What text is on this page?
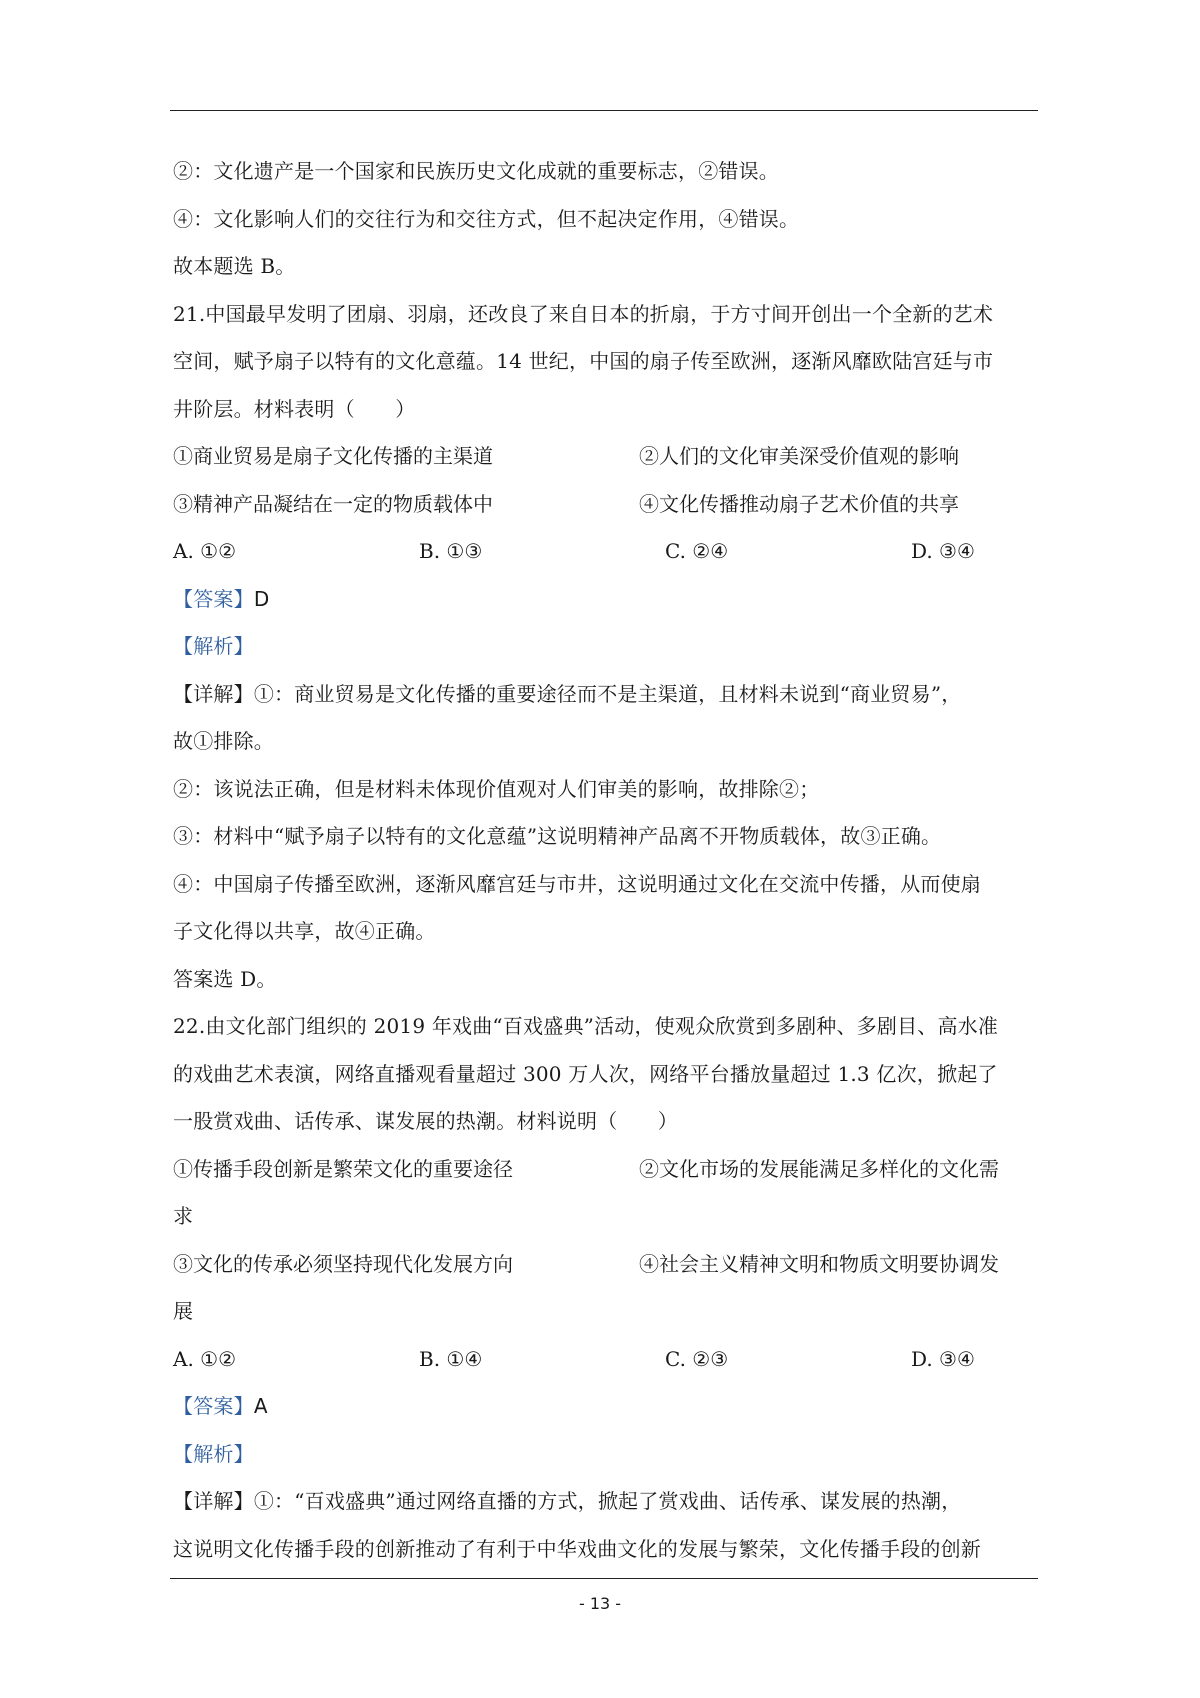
②：文化遗产是一个国家和民族历史文化成就的重要标志，②错误。
④：文化影响人们的交往行为和交往方式，但不起决定作用，④错误。
故本题选 B。
21.中国最早发明了团扇、羽扇，还改良了来自日本的折扇，于方寸间开创出一个全新的艺术
空间，赋予扇子以特有的文化意蕴。14 世纪，中国的扇子传至欧洲，逐渐风靡欧陆宫廷与市
井阶层。材料表明（　　）
①商业贸易是扇子文化传播的主渠道	②人们的文化审美深受价值观的影响
③精神产品凝结在一定的物质载体中	④文化传播推动扇子艺术价值的共享
A. ①②	B. ①③	C. ②④	D. ③④
【答案】D
【解析】
【详解】①：商业贸易是文化传播的重要途径而不是主渠道，且材料未说到“商业贸易”，
故①排除。
②：该说法正确，但是材料未体现价值观对人们审美的影响，故排除②；
③：材料中“赋予扇子以特有的文化意蕴”这说明精神产品离不开物质载体，故③正确。
④：中国扇子传播至欧洲，逐渐风靡宫廷与市井，这说明通过文化在交流中传播，从而使扇
子文化得以共享，故④正确。
答案选 D。
22.由文化部门组织的 2019 年戏曲“百戏盛典”活动，使观众欣赏到多剧种、多剧目、高水准
的戏曲艺术表演，网络直播观看量超过 300 万人次，网络平台播放量超过 1.3 亿次，掀起了
一股赏戏曲、话传承、谋发展的热潮。材料说明（　　）
①传播手段创新是繁荣文化的重要途径	②文化市场的发展能满足多样化的文化需
求
③文化的传承必须坚持现代化发展方向	④社会主义精神文明和物质文明要协调发
展
A. ①②	B. ①④	C. ②③	D. ③④
【答案】A
【解析】
【详解】①：“百戏盛典”通过网络直播的方式，掀起了赏戏曲、话传承、谋发展的热潮，
这说明文化传播手段的创新推动了有利于中华戏曲文化的发展与繁荣，文化传播手段的创新
- 13 -
